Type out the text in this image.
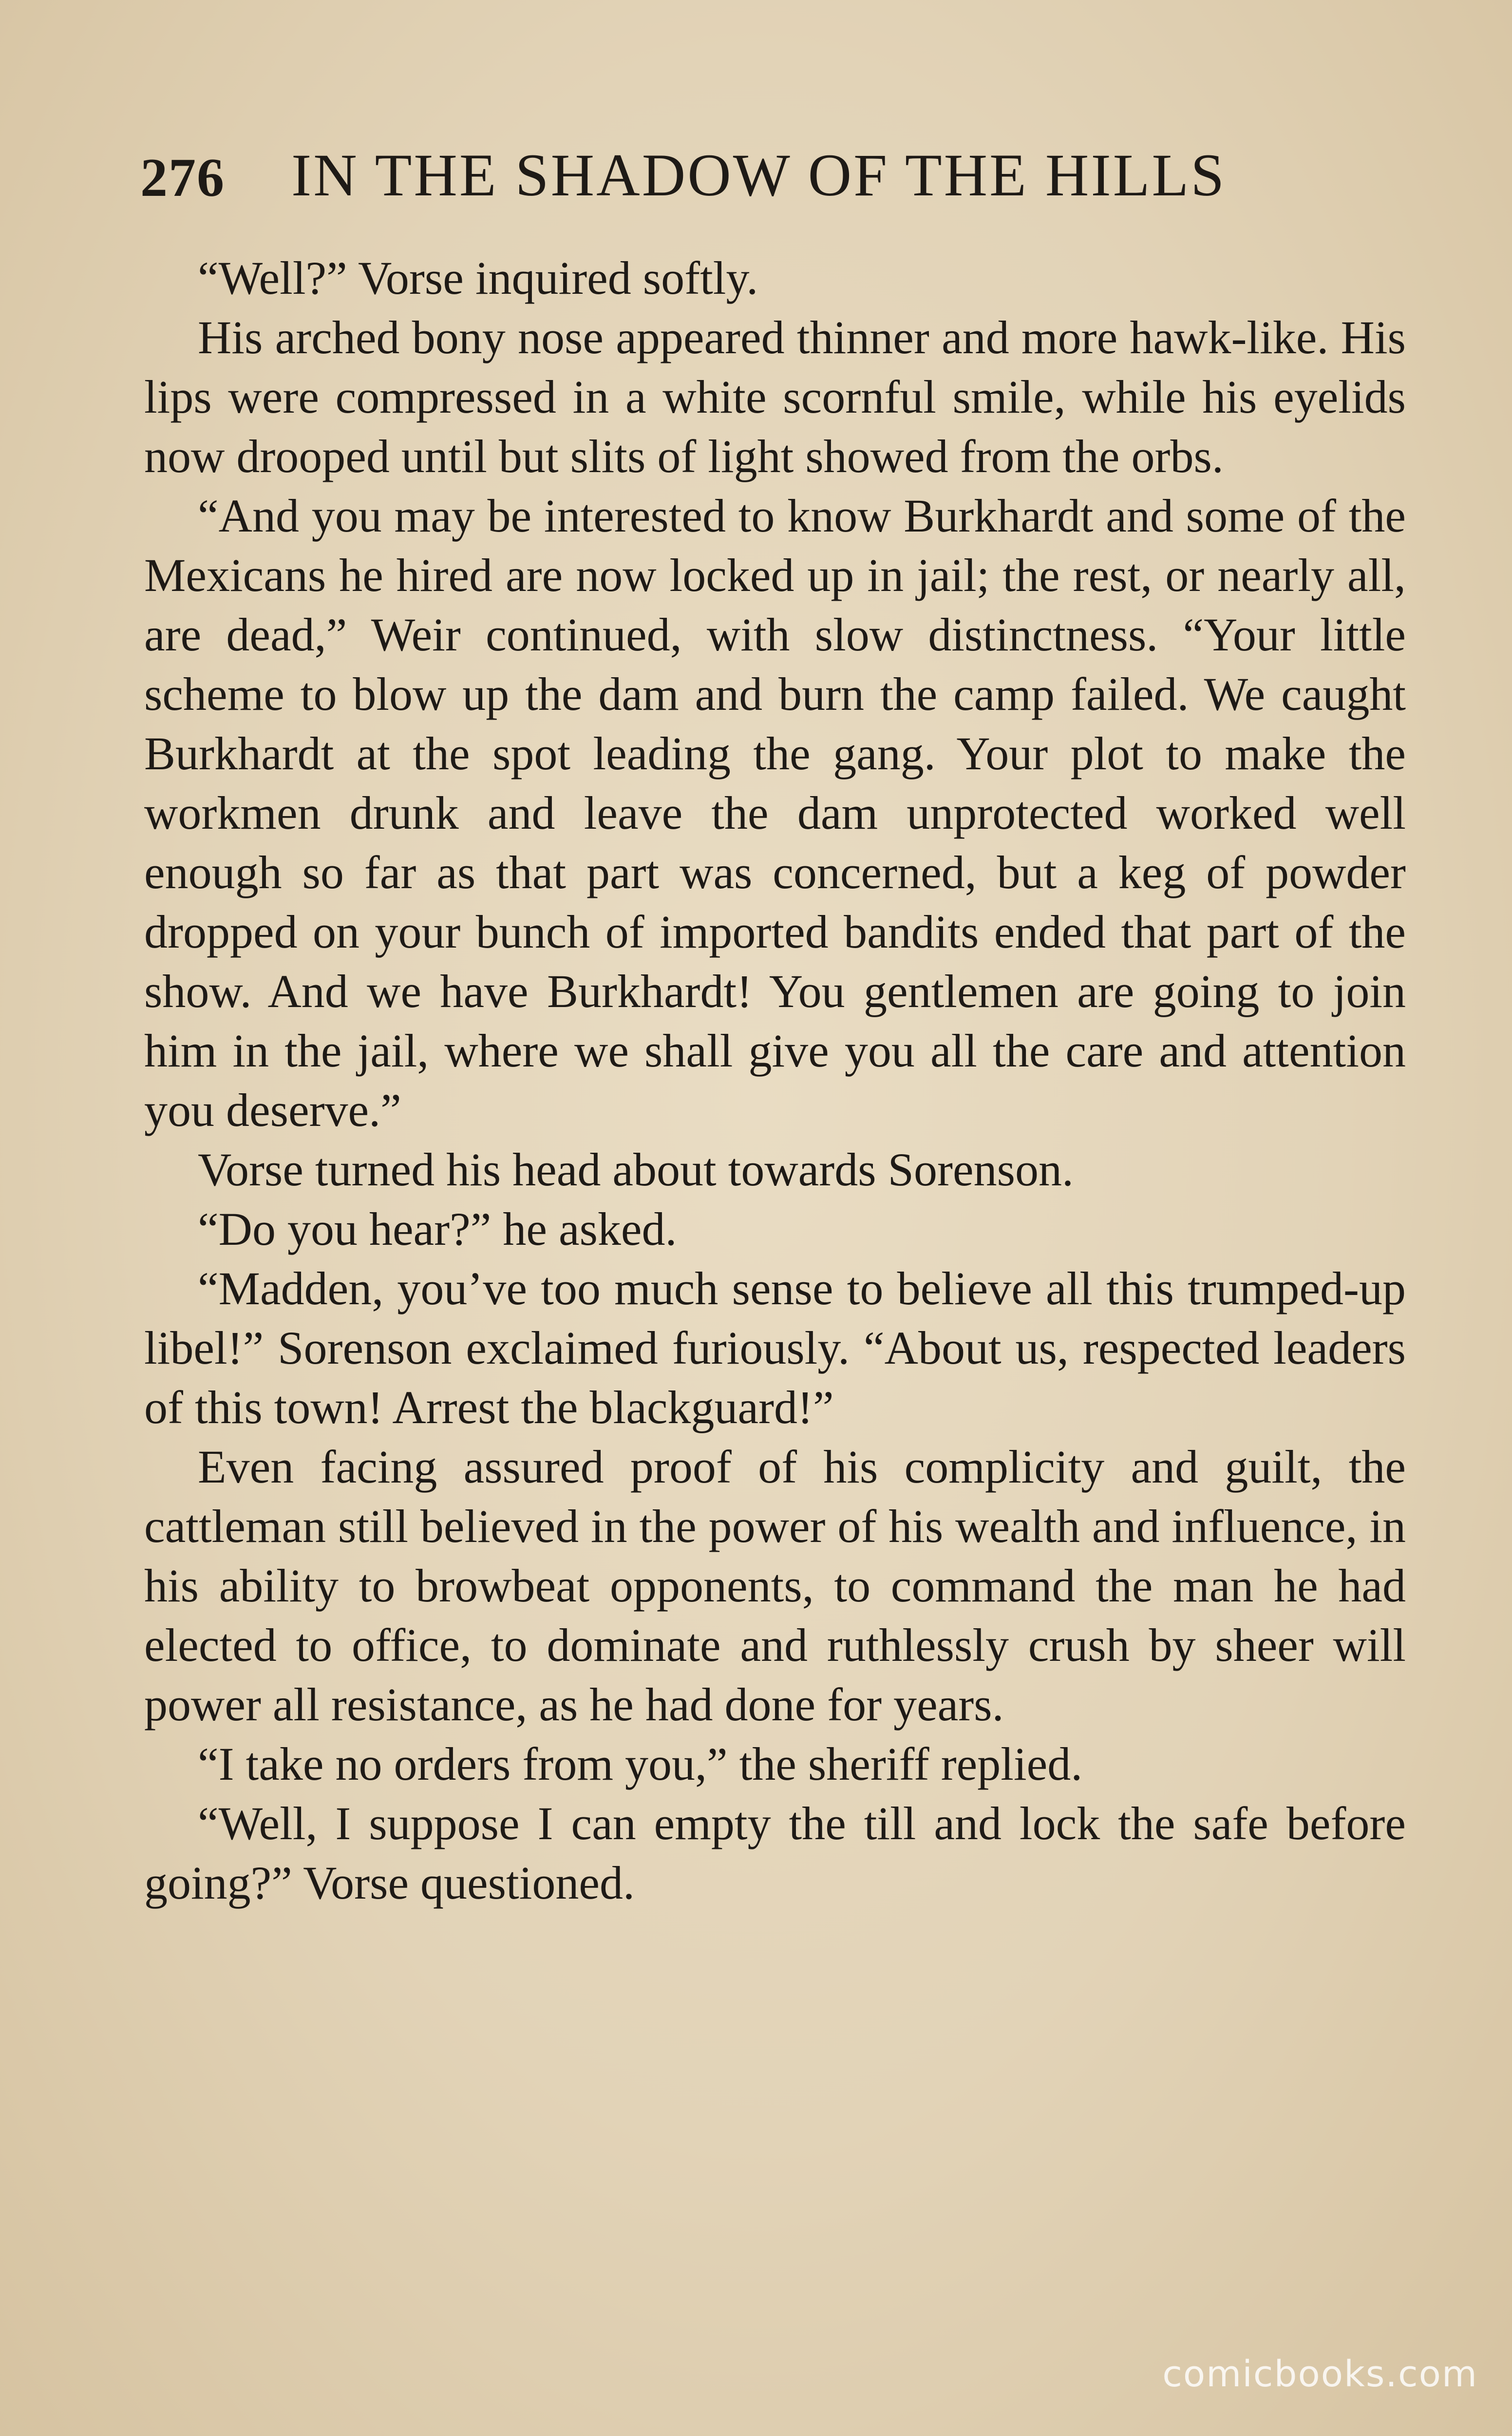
276 IN THE SHADOW OF THE HILLS

“Well?” Vorse inquired softly.

His arched bony nose appeared thinner and more hawk-like. His lips were compressed in a white scornful smile, while his eyelids now drooped until but slits of light showed from the orbs.

“And you may be interested to know Burkhardt and some of the Mexicans he hired are now locked up in jail; the rest, or nearly all, are dead,” Weir continued, with slow distinctness. “Your little scheme to blow up the dam and burn the camp failed. We caught Burkhardt at the spot leading the gang. Your plot to make the workmen drunk and leave the dam unprotected worked well enough so far as that part was concerned, but a keg of powder dropped on your bunch of imported bandits ended that part of the show. And we have Burkhardt! You gentlemen are going to join him in the jail, where we shall give you all the care and attention you deserve.”

Vorse turned his head about towards Sorenson.

“Do you hear?” he asked.

“Madden, you’ve too much sense to believe all this trumped-up libel!” Sorenson exclaimed furiously. “About us, respected leaders of this town! Arrest the blackguard!”

Even facing assured proof of his complicity and guilt, the cattleman still believed in the power of his wealth and influence, in his ability to browbeat opponents, to command the man he had elected to office, to dominate and ruthlessly crush by sheer will power all resistance, as he had done for years.

“I take no orders from you,” the sheriff replied.

“Well, I suppose I can empty the till and lock the safe before going?” Vorse questioned.

comicbooks.com
